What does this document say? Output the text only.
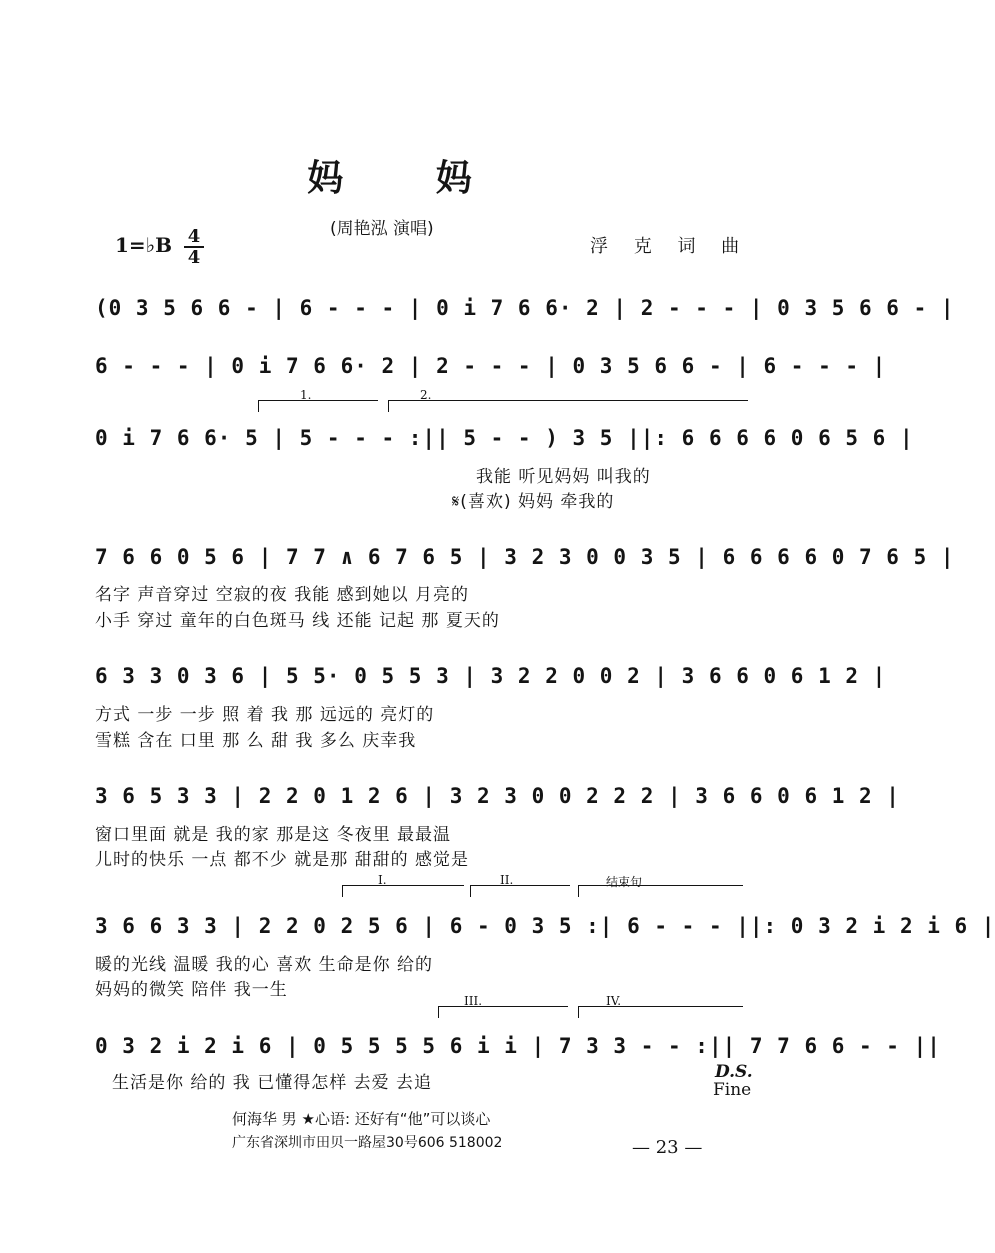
妈 妈
(周艳泓 演唱)
浮 克 词 曲
1=♭B 4
4
(0 3 5 6 6 - | 6 - - - | 0 i 7 6 6· 2 | 2 - - - | 0 3 5 6 6 - |
6 - - - | 0 i 7 6 6· 2 | 2 - - - | 0 3 5 6 6 - | 6 - - - |
1.	2.
0 i 7 6 6· 5 | 5 - - - :|| 5 - - ) 3 5 ||: 6 6 6 6 0 6 5 6 |
我能 听见妈妈 叫我的
𝄋(喜欢) 妈妈 牵我的
7 6 6 0 5 6 | 7 7 ∧ 6 7 6 5 | 3 2 3 0 0 3 5 | 6 6 6 6 0 7 6 5 |
名字 声音穿过 空寂的夜 我能 感到她以 月亮的
小手 穿过 童年的白色斑马 线 还能 记起 那 夏天的
6 3 3 0 3 6 | 5 5· 0 5 5 3 | 3 2 2 0 0 2 | 3 6 6 0 6 1 2 |
方式 一步 一步 照 着 我 那 远远的 亮灯的
雪糕 含在 口里 那 么 甜 我 多么 庆幸我
3 6 5 3 3 | 2 2 0 1 2 6 | 3 2 3 0 0 2 2 2 | 3 6 6 0 6 1 2 |
窗口里面 就是 我的家 那是这 冬夜里 最最温
儿时的快乐 一点 都不少 就是那 甜甜的 感觉是
I.	II.	结束句
3 6 6 3 3 | 2 2 0 2 5 6 | 6 - 0 3 5 :| 6 - - - ||: 0 3 2 i 2 i 6 |
暖的光线 温暖 我的心 喜欢 生命是你 给的
妈妈的微笑 陪伴 我一生
III.	IV.
0 3 2 i 2 i 6 | 0 5 5 5 5 6 i i | 7 3 3 - - :|| 7 7 6 6 - - ||
生活是你 给的 我 已懂得怎样 去爱 去追
D.S.
Fine
何海华 男 ★心语: 还好有“他”可以谈心
广东省深圳市田贝一路屋30号606 518002	— 23 —
